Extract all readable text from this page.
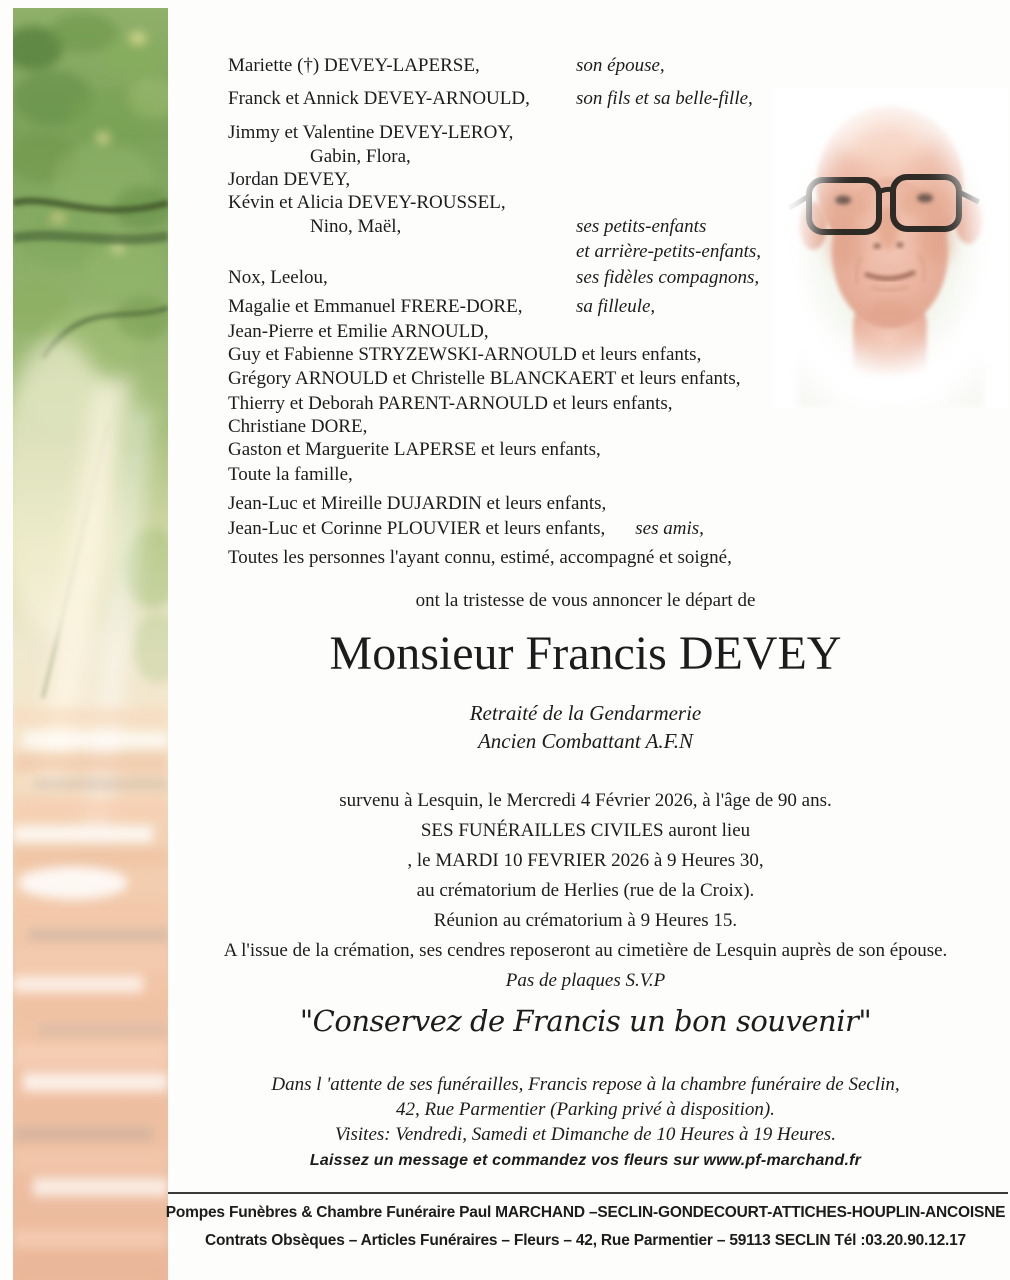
Mariette (†) DEVEY-LAPERSE,	son épouse,
Franck et Annick DEVEY-ARNOULD, son fils et sa belle-fille,
Jimmy et Valentine DEVEY-LEROY,
Gabin, Flora,
Jordan DEVEY,
Kévin et Alicia DEVEY-ROUSSEL,
Nino, Maël,	ses petits-enfants
et arrière-petits-enfants,
Nox, Leelou,	ses fidèles compagnons,
Magalie et Emmanuel FRERE-DORE,	sa filleule,
Jean-Pierre et Emilie ARNOULD,
Guy et Fabienne STRYZEWSKI-ARNOULD et leurs enfants,
Grégory ARNOULD et Christelle BLANCKAERT et leurs enfants,
Thierry et Deborah PARENT-ARNOULD et leurs enfants,
Christiane DORE,
Gaston et Marguerite LAPERSE et leurs enfants,
Toute la famille,
Jean-Luc et Mireille DUJARDIN et leurs enfants,
Jean-Luc et Corinne PLOUVIER et leurs enfants, ses amis,
Toutes les personnes l'ayant connu, estimé, accompagné et soigné,
ont la tristesse de vous annoncer le départ de
Monsieur Francis DEVEY
Retraité de la Gendarmerie
Ancien Combattant A.F.N
survenu à Lesquin, le Mercredi 4 Février 2026, à l'âge de 90 ans.
SES FUNÉRAILLES CIVILES auront lieu
, le MARDI 10 FEVRIER 2026 à 9 Heures 30,
au crématorium de Herlies (rue de la Croix).
Réunion au crématorium à 9 Heures 15.
A l'issue de la crémation, ses cendres reposeront au cimetière de Lesquin auprès de son épouse.
Pas de plaques S.V.P
"Conservez de Francis un bon souvenir"
Dans l 'attente de ses funérailles, Francis repose à la chambre funéraire de Seclin,
42, Rue Parmentier (Parking privé à disposition).
Visites: Vendredi, Samedi et Dimanche de 10 Heures à 19 Heures.
Laissez un message et commandez vos fleurs sur www.pf-marchand.fr
Pompes Funèbres & Chambre Funéraire Paul MARCHAND –SECLIN-GONDECOURT-ATTICHES-HOUPLIN-ANCOISNE
Contrats Obsèques – Articles Funéraires – Fleurs – 42, Rue Parmentier – 59113 SECLIN Tél :03.20.90.12.17
